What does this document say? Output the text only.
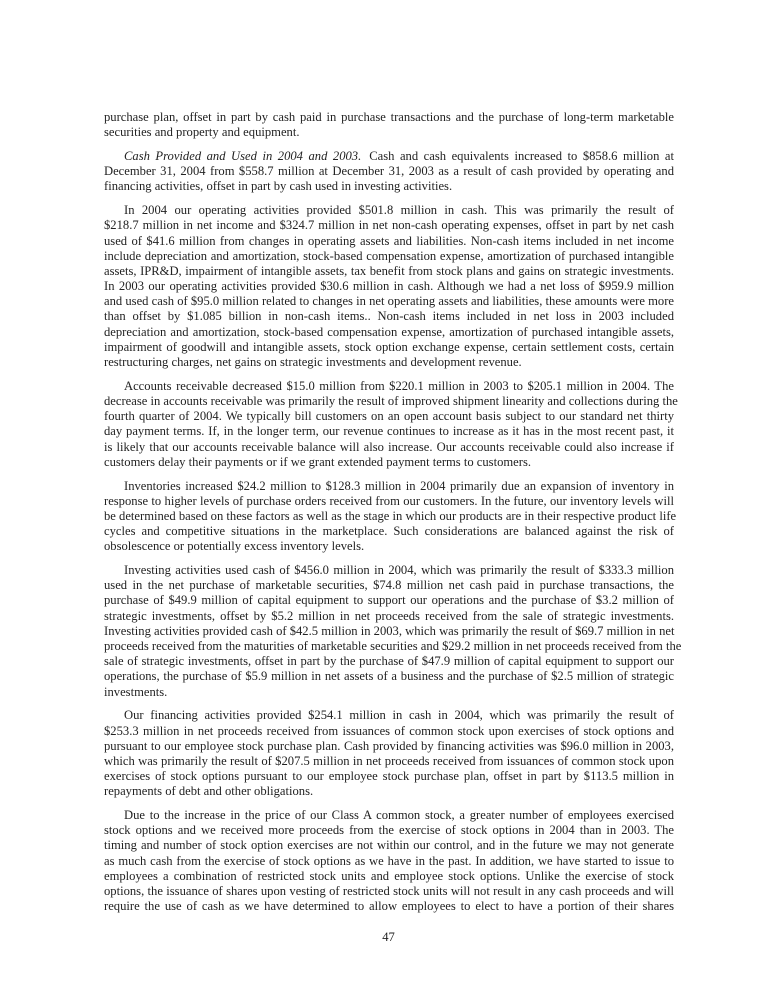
purchase plan, offset in part by cash paid in purchase transactions and the purchase of long-term marketable
securities and property and equipment.
Cash Provided and Used in 2004 and 2003. Cash and cash equivalents increased to $858.6 million at
December 31, 2004 from $558.7 million at December 31, 2003 as a result of cash provided by operating and
financing activities, offset in part by cash used in investing activities.
In 2004 our operating activities provided $501.8 million in cash. This was primarily the result of
$218.7 million in net income and $324.7 million in net non-cash operating expenses, offset in part by net cash
used of $41.6 million from changes in operating assets and liabilities. Non-cash items included in net income
include depreciation and amortization, stock-based compensation expense, amortization of purchased intangible
assets, IPR&D, impairment of intangible assets, tax benefit from stock plans and gains on strategic investments.
In 2003 our operating activities provided $30.6 million in cash. Although we had a net loss of $959.9 million
and used cash of $95.0 million related to changes in net operating assets and liabilities, these amounts were more
than offset by $1.085 billion in non-cash items.. Non-cash items included in net loss in 2003 included
depreciation and amortization, stock-based compensation expense, amortization of purchased intangible assets,
impairment of goodwill and intangible assets, stock option exchange expense, certain settlement costs, certain
restructuring charges, net gains on strategic investments and development revenue.
Accounts receivable decreased $15.0 million from $220.1 million in 2003 to $205.1 million in 2004. The
decrease in accounts receivable was primarily the result of improved shipment linearity and collections during the
fourth quarter of 2004. We typically bill customers on an open account basis subject to our standard net thirty
day payment terms. If, in the longer term, our revenue continues to increase as it has in the most recent past, it
is likely that our accounts receivable balance will also increase. Our accounts receivable could also increase if
customers delay their payments or if we grant extended payment terms to customers.
Inventories increased $24.2 million to $128.3 million in 2004 primarily due an expansion of inventory in
response to higher levels of purchase orders received from our customers. In the future, our inventory levels will
be determined based on these factors as well as the stage in which our products are in their respective product life
cycles and competitive situations in the marketplace. Such considerations are balanced against the risk of
obsolescence or potentially excess inventory levels.
Investing activities used cash of $456.0 million in 2004, which was primarily the result of $333.3 million
used in the net purchase of marketable securities, $74.8 million net cash paid in purchase transactions, the
purchase of $49.9 million of capital equipment to support our operations and the purchase of $3.2 million of
strategic investments, offset by $5.2 million in net proceeds received from the sale of strategic investments.
Investing activities provided cash of $42.5 million in 2003, which was primarily the result of $69.7 million in net
proceeds received from the maturities of marketable securities and $29.2 million in net proceeds received from the
sale of strategic investments, offset in part by the purchase of $47.9 million of capital equipment to support our
operations, the purchase of $5.9 million in net assets of a business and the purchase of $2.5 million of strategic
investments.
Our financing activities provided $254.1 million in cash in 2004, which was primarily the result of
$253.3 million in net proceeds received from issuances of common stock upon exercises of stock options and
pursuant to our employee stock purchase plan. Cash provided by financing activities was $96.0 million in 2003,
which was primarily the result of $207.5 million in net proceeds received from issuances of common stock upon
exercises of stock options pursuant to our employee stock purchase plan, offset in part by $113.5 million in
repayments of debt and other obligations.
Due to the increase in the price of our Class A common stock, a greater number of employees exercised
stock options and we received more proceeds from the exercise of stock options in 2004 than in 2003. The
timing and number of stock option exercises are not within our control, and in the future we may not generate
as much cash from the exercise of stock options as we have in the past. In addition, we have started to issue to
employees a combination of restricted stock units and employee stock options. Unlike the exercise of stock
options, the issuance of shares upon vesting of restricted stock units will not result in any cash proceeds and will
require the use of cash as we have determined to allow employees to elect to have a portion of their shares
47
